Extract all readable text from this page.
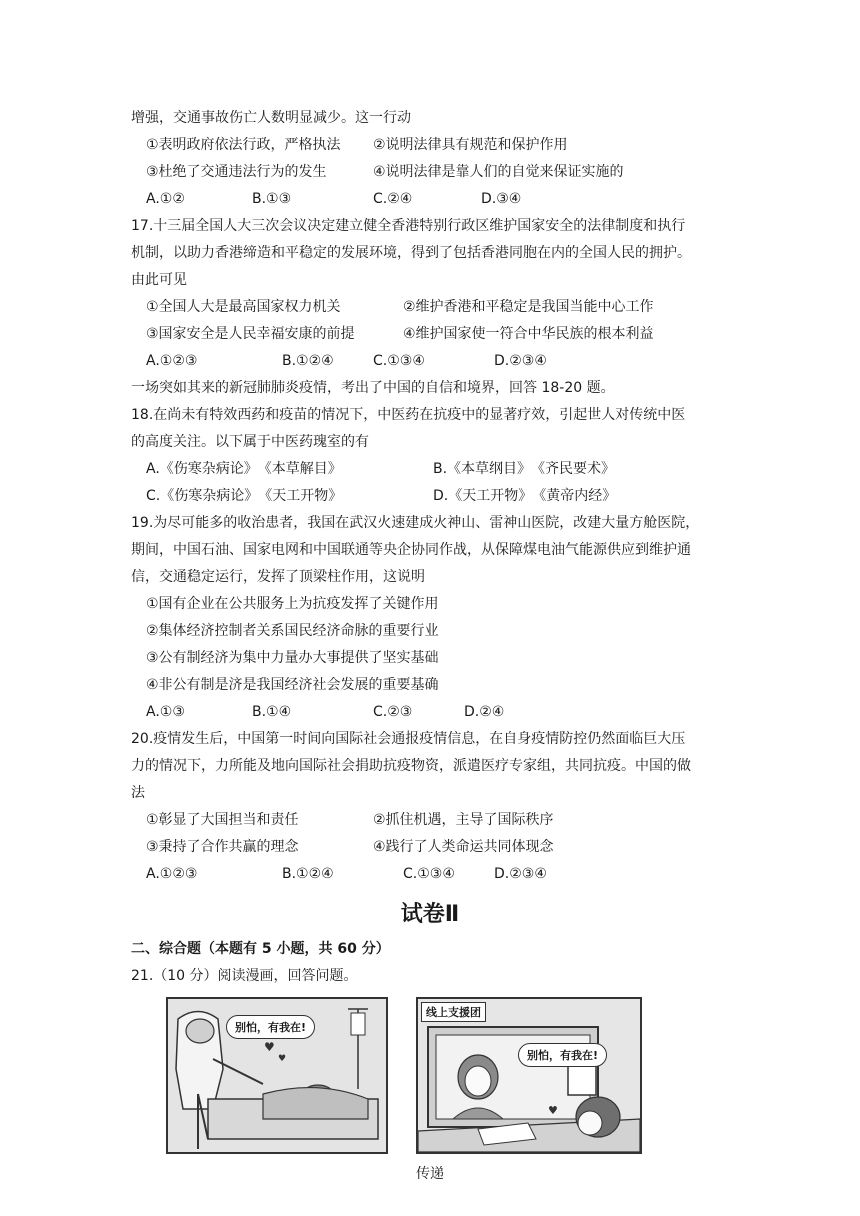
增强，交通事故伤亡人数明显减少。这一行动
①表明政府依法行政，严格执法 ②说明法律具有规范和保护作用
③杜绝了交通违法行为的发生	④说明法律是靠人们的自觉来保证实施的
A.①②	B.①③	C.②④	D.③④
17.十三届全国人大三次会议决定建立健全香港特别行政区维护国家安全的法律制度和执行
机制，以助力香港缔造和平稳定的发展环境，得到了包括香港同胞在内的全国人民的拥护。
由此可见
①全国人大是最高国家权力机关	②维护香港和平稳定是我国当能中心工作
③国家安全是人民幸福安康的前提	④维护国家使一符合中华民族的根本利益
A.①②③	B.①②④	C.①③④	D.②③④
一场突如其来的新冠肺肺炎疫情，考出了中国的自信和境界，回答 18-20 题。
18.在尚未有特效西药和疫苗的情况下，中医药在抗疫中的显著疗效，引起世人对传统中医
的高度关注。以下属于中医药瑰室的有
A.《伤寒杂病论》　《本草解目》	B.《本草纲目》　《齐民要术》
C.《伤寒杂病论》　《天工开物》	D.《天工开物》　《黄帝内经》
19.为尽可能多的收治患者，我国在武汉火速建成火神山、雷神山医院，改建大量方舱医院，
期间，中国石油、国家电网和中国联通等央企协同作战，从保障煤电油气能源供应到维护通
信，交通稳定运行，发挥了顶梁柱作用，这说明
①国有企业在公共服务上为抗疫发挥了关键作用
②集体经济控制者关系国民经济命脉的重要行业
③公有制经济为集中力量办大事提供了坚实基础
④非公有制是济是我国经济社会发展的重要基确
A.①③	B.①④	C.②③	D.②④
20.疫情发生后，中国第一时间向国际社会通报疫情信息，在自身疫情防控仍然面临巨大压
力的情况下，力所能及地向国际社会捐助抗疫物资，派遣医疗专家组，共同抗疫。中国的做
法
①彰显了大国担当和责任	②抓住机遇，主导了国际秩序
③秉持了合作共赢的理念	④践行了人类命运共同体现念
A.①②③	B.①②④	C.①③④	D.②③④
试卷Ⅱ
二、综合题（本题有 5 小题，共 60 分）
21.（10 分）阅读漫画，回答问题。
♥
♥
别怕，有我在!
♥
线上支援团
别怕，有我在!
传递
